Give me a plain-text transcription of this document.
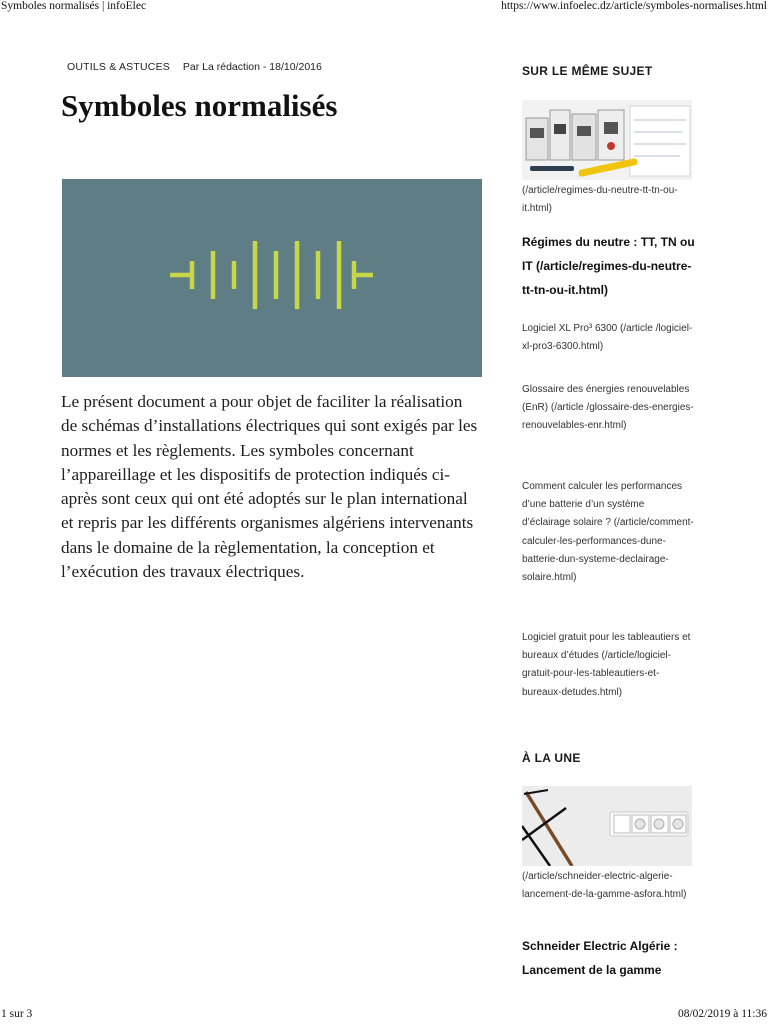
Symboles normalisés | infoElec	https://www.infoelec.dz/article/symboles-normalises.html
OUTILS & ASTUCES Par La rédaction - 18/10/2016
Symboles normalisés

Le présent document a pour objet de faciliter la réalisation de schémas d’installations électriques qui sont exigés par les normes et les règlements. Les symboles concernant l’appareillage et les dispositifs de protection indiqués ci-après sont ceux qui ont été adoptés sur le plan international et repris par les différents organismes algériens intervenants dans le domaine de la règlementation, la conception et l’exécution des travaux électriques.

SUR LE MÊME SUJET

(/article/regimes-du-neutre-tt-tn-ou-it.html)

Régimes du neutre : TT, TN ou IT (/article/regimes-du-neutre-tt-tn-ou-it.html)

Logiciel XL Pro³ 6300 (/article /logiciel-xl-pro3-6300.html)

Glossaire des énergies renouvelables (EnR) (/article /glossaire-des-energies-renouvelables-enr.html)

Comment calculer les performances d’une batterie d’un système d’éclairage solaire ? (/article/comment-calculer-les-performances-dune-batterie-dun-systeme-declairage-solaire.html)

Logiciel gratuit pour les tableautiers et bureaux d’études (/article/logiciel-gratuit-pour-les-tableautiers-et-bureaux-detudes.html)

À LA UNE

(/article/schneider-electric-algerie-lancement-de-la-gamme-asfora.html)

Schneider Electric Algérie : Lancement de la gamme

1 sur 3	08/02/2019 à 11:36
